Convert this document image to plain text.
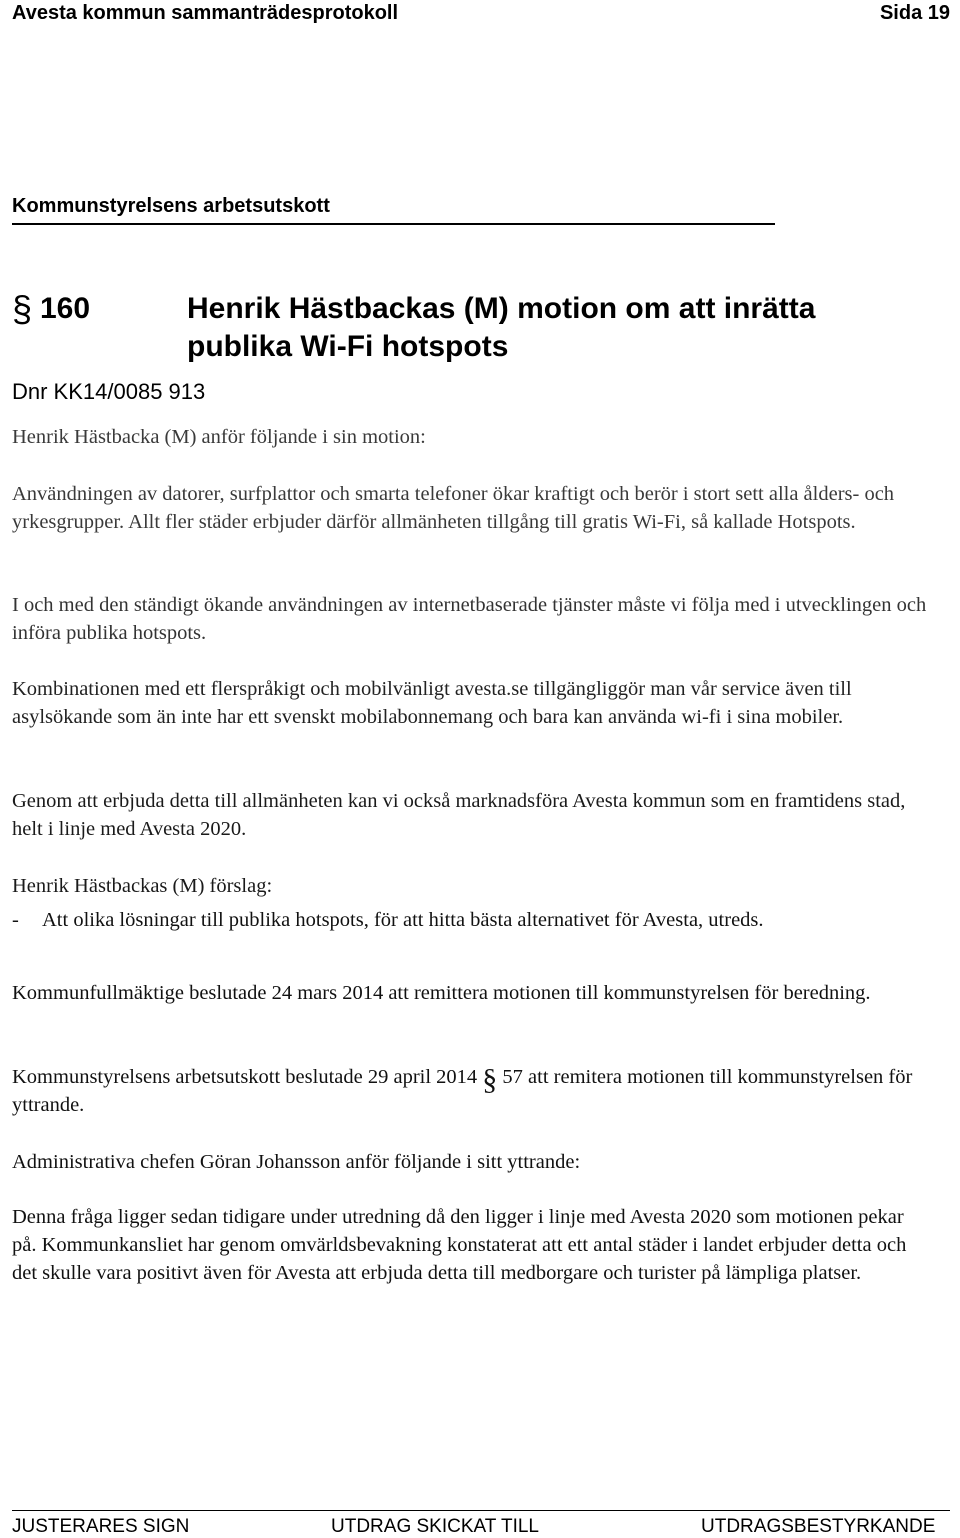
Avesta kommun sammanträdesprotokoll	Sida 19
Kommunstyrelsens arbetsutskott
§ 160	Henrik Hästbackas (M) motion om att inrätta publika Wi-Fi hotspots
Dnr KK14/0085 913
Henrik Hästbacka (M) anför följande i sin motion:
Användningen av datorer, surfplattor och smarta telefoner ökar kraftigt och berör i stort sett alla ålders- och yrkesgrupper. Allt fler städer erbjuder därför allmänheten tillgång till gratis Wi-Fi, så kallade Hotspots.
I och med den ständigt ökande användningen av internetbaserade tjänster måste vi följa med i utvecklingen och införa publika hotspots.
Kombinationen med ett flerspråkigt och mobilvänligt avesta.se tillgängliggör man vår service även till asylsökande som än inte har ett svenskt mobilabonnemang och bara kan använda wi-fi i sina mobiler.
Genom att erbjuda detta till allmänheten kan vi också marknadsföra Avesta kommun som en framtidens stad, helt i linje med Avesta 2020.
Henrik Hästbackas (M) förslag:
- Att olika lösningar till publika hotspots, för att hitta bästa alternativet för Avesta, utreds.
Kommunfullmäktige beslutade 24 mars 2014 att remittera motionen till kommunstyrelsen för beredning.
Kommunstyrelsens arbetsutskott beslutade 29 april 2014 § 57 att remitera motionen till kommunstyrelsen för yttrande.
Administrativa chefen Göran Johansson anför följande i sitt yttrande:
Denna fråga ligger sedan tidigare under utredning då den ligger i linje med Avesta 2020 som motionen pekar på. Kommunkansliet har genom omvärldsbevakning konstaterat att ett antal städer i landet erbjuder detta och det skulle vara positivt även för Avesta att erbjuda detta till medborgare och turister på lämpliga platser.
JUSTERARES SIGN	UTDRAG SKICKAT TILL	UTDRAGSBESTYRKANDE
